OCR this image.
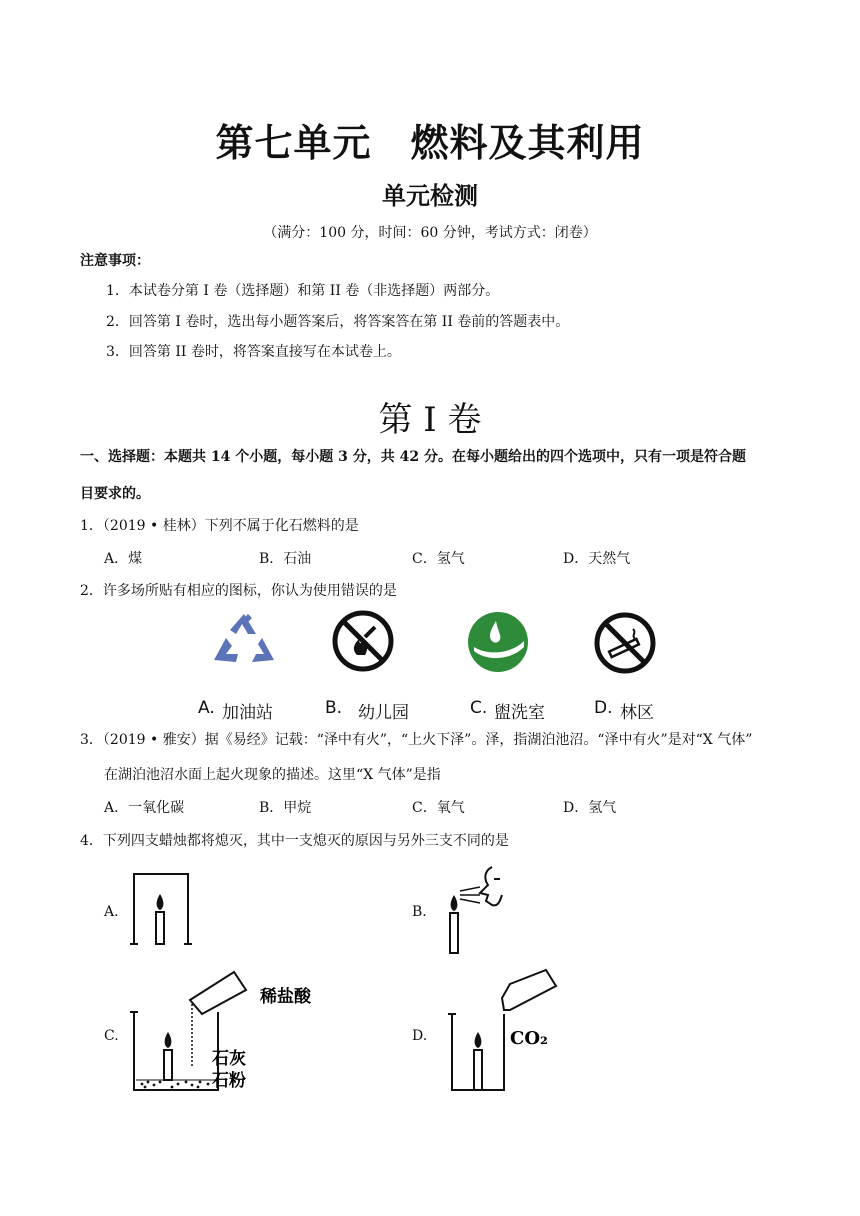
第七单元　燃料及其利用
单元检测
（满分：100 分，时间：60 分钟，考试方式：闭卷）
注意事项：
1．本试卷分第 I 卷（选择题）和第 II 卷（非选择题）两部分。
2．回答第 I 卷时，选出每小题答案后，将答案答在第 II 卷前的答题表中。
3．回答第 II 卷时，将答案直接写在本试卷上。
第 I 卷
一、选择题：本题共 14 个小题，每小题 3 分，共 42 分。在每小题给出的四个选项中，只有一项是符合题
目要求的。
1．（2019 • 桂林）下列不属于化石燃料的是
A．煤	B．石油	C．氢气	D．天然气
2．许多场所贴有相应的图标，你认为使用错误的是
A. 加油站	B. 幼儿园	C. 盥洗室	D. 林区
3．（2019 • 雅安）据《易经》记载：“泽中有火”，“上火下泽”。泽，指湖泊池沼。“泽中有火”是对“X 气体”
在湖泊池沼水面上起火现象的描述。这里“X 气体”是指
A．一氧化碳	B．甲烷	C．氧气	D．氢气
4．下列四支蜡烛都将熄灭，其中一支熄灭的原因与另外三支不同的是
A.	B.
C.	D.
稀盐酸
石灰
石粉
CO₂
